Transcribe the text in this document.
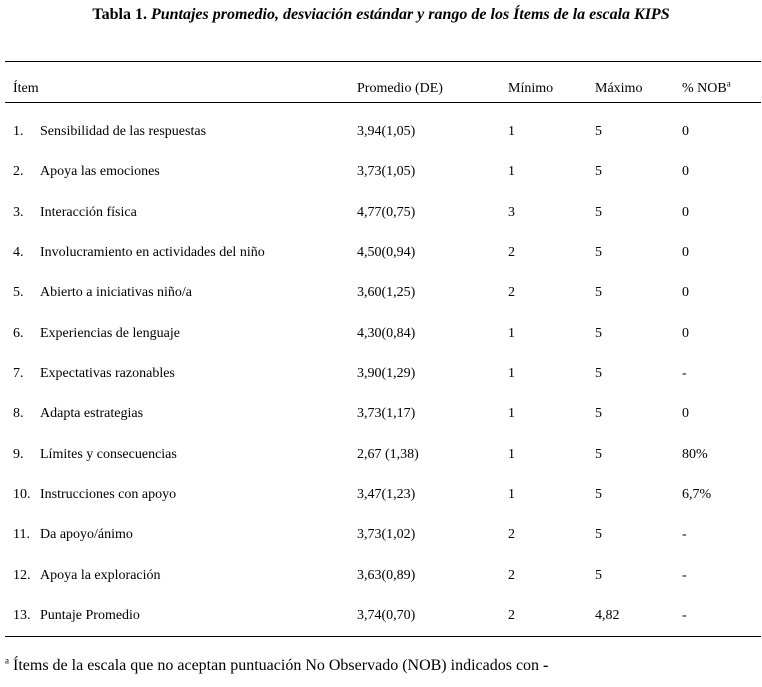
Tabla 1. Puntajes promedio, desviación estándar y rango de los Ítems de la escala KIPS
Ítem	Promedio (DE)	Mínimo	Máximo	% NOB$^a$
1. Sensibilidad de las respuestas	3,94(1,05)	1	5	0
2. Apoya las emociones	3,73(1,05)	1	5	0
3. Interacción física	4,77(0,75)	3	5	0
4. Involucramiento en actividades del niño	4,50(0,94)	2	5	0
5. Abierto a iniciativas niño/a	3,60(1,25)	2	5	0
6. Experiencias de lenguaje	4,30(0,84)	1	5	0
7. Expectativas razonables	3,90(1,29)	1	5	-
8. Adapta estrategias	3,73(1,17)	1	5	0
9. Límites y consecuencias	2,67 (1,38)	1	5	80%
10. Instrucciones con apoyo	3,47(1,23)	1	5	6,7%
11. Da apoyo/ánimo	3,73(1,02)	2	5	-
12. Apoya la exploración	3,63(0,89)	2	5	-
13. Puntaje Promedio	3,74(0,70)	2	4,82	-
$^a$ Ítems de la escala que no aceptan puntuación No Observado (NOB) indicados con -
